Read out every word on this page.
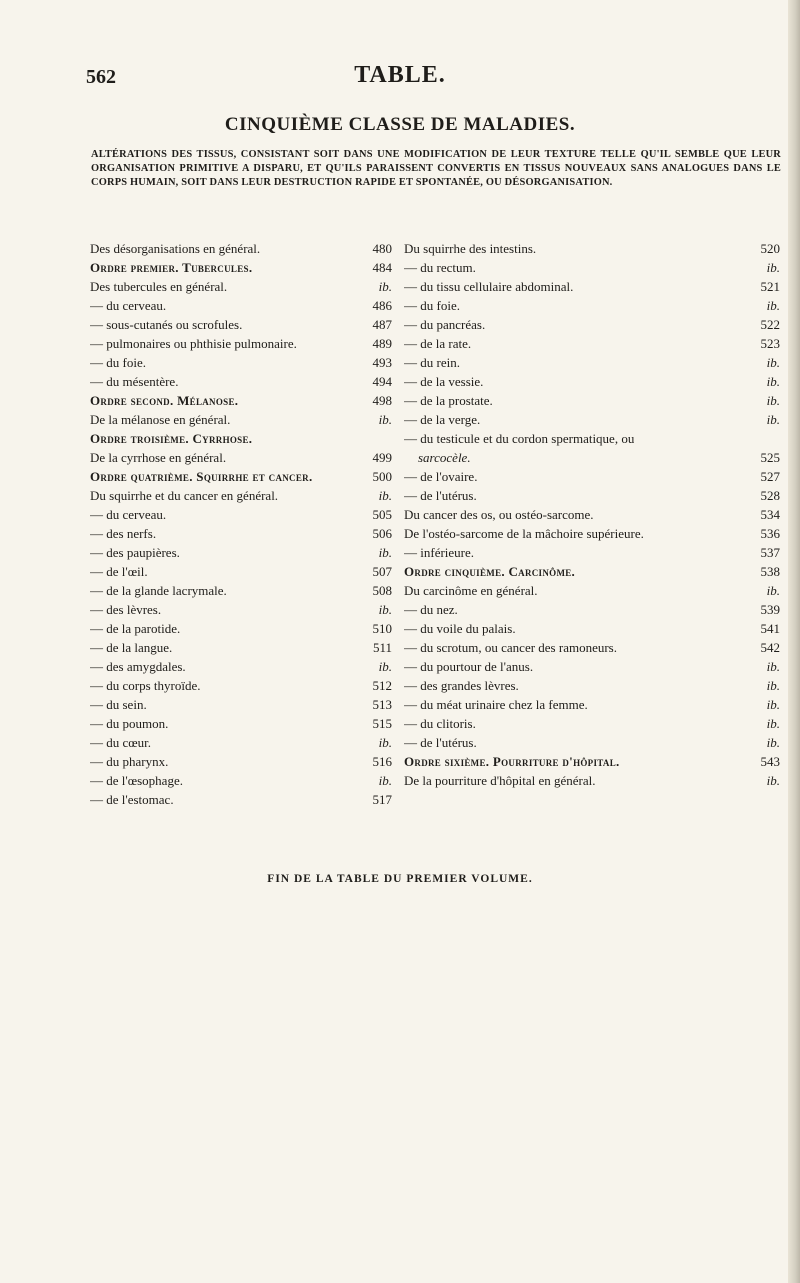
562	TABLE.
CINQUIÈME CLASSE DE MALADIES.
ALTÉRATIONS DES TISSUS, CONSISTANT SOIT DANS UNE MODIFICATION DE LEUR TEXTURE TELLE QU'IL SEMBLE QUE LEUR ORGANISATION PRIMITIVE A DISPARU, ET QU'ILS PARAISSENT CONVERTIS EN TISSUS NOUVEAUX SANS ANALOGUES DANS LE CORPS HUMAIN, SOIT DANS LEUR DESTRUCTION RAPIDE ET SPONTANÉE, OU DÉSORGANISATION.
Des désorganisations en général.	480
Ordre premier. Tubercules.	484
Des tubercules en général.	ib.
— du cerveau.	486
— sous-cutanés ou scrofules.	487
— pulmonaires ou phthisie pulmonaire.	489
— du foie.	493
— du mésentère.	494
Ordre second. Mélanose.	498
De la mélanose en général.	ib.
Ordre troisième. Cyrrhose.
De la cyrrhose en général.	499
Ordre quatrième. Squirrhe et cancer.	500
Du squirrhe et du cancer en général.	ib.
— du cerveau.	505
— des nerfs.	506
— des paupières.	ib.
— de l'œil.	507
— de la glande lacrymale.	508
— des lèvres.	ib.
— de la parotide.	510
— de la langue.	511
— des amygdales.	ib.
— du corps thyroïde.	512
— du sein.	513
— du poumon.	515
— du cœur.	ib.
— du pharynx.	516
— de l'œsophage.	ib.
— de l'estomac.	517
Du squirrhe des intestins.	520
— du rectum.	ib.
— du tissu cellulaire abdominal.	521
— du foie.	ib.
— du pancréas.	522
— de la rate.	523
— du rein.	ib.
— de la vessie.	ib.
— de la prostate.	ib.
— de la verge.	ib.
— du testicule et du cordon spermatique, ou
sarcocèle.	525
— de l'ovaire.	527
— de l'utérus.	528
Du cancer des os, ou ostéo-sarcome.	534
De l'ostéo-sarcome de la mâchoire supérieure.	536
— inférieure.	537
Ordre cinquième. Carcinôme.	538
Du carcinôme en général.	ib.
— du nez.	539
— du voile du palais.	541
— du scrotum, ou cancer des ramoneurs.	542
— du pourtour de l'anus.	ib.
— des grandes lèvres.	ib.
— du méat urinaire chez la femme.	ib.
— du clitoris.	ib.
— de l'utérus.	ib.
Ordre sixième. Pourriture d'hôpital.	543
De la pourriture d'hôpital en général.	ib.
FIN DE LA TABLE DU PREMIER VOLUME.
